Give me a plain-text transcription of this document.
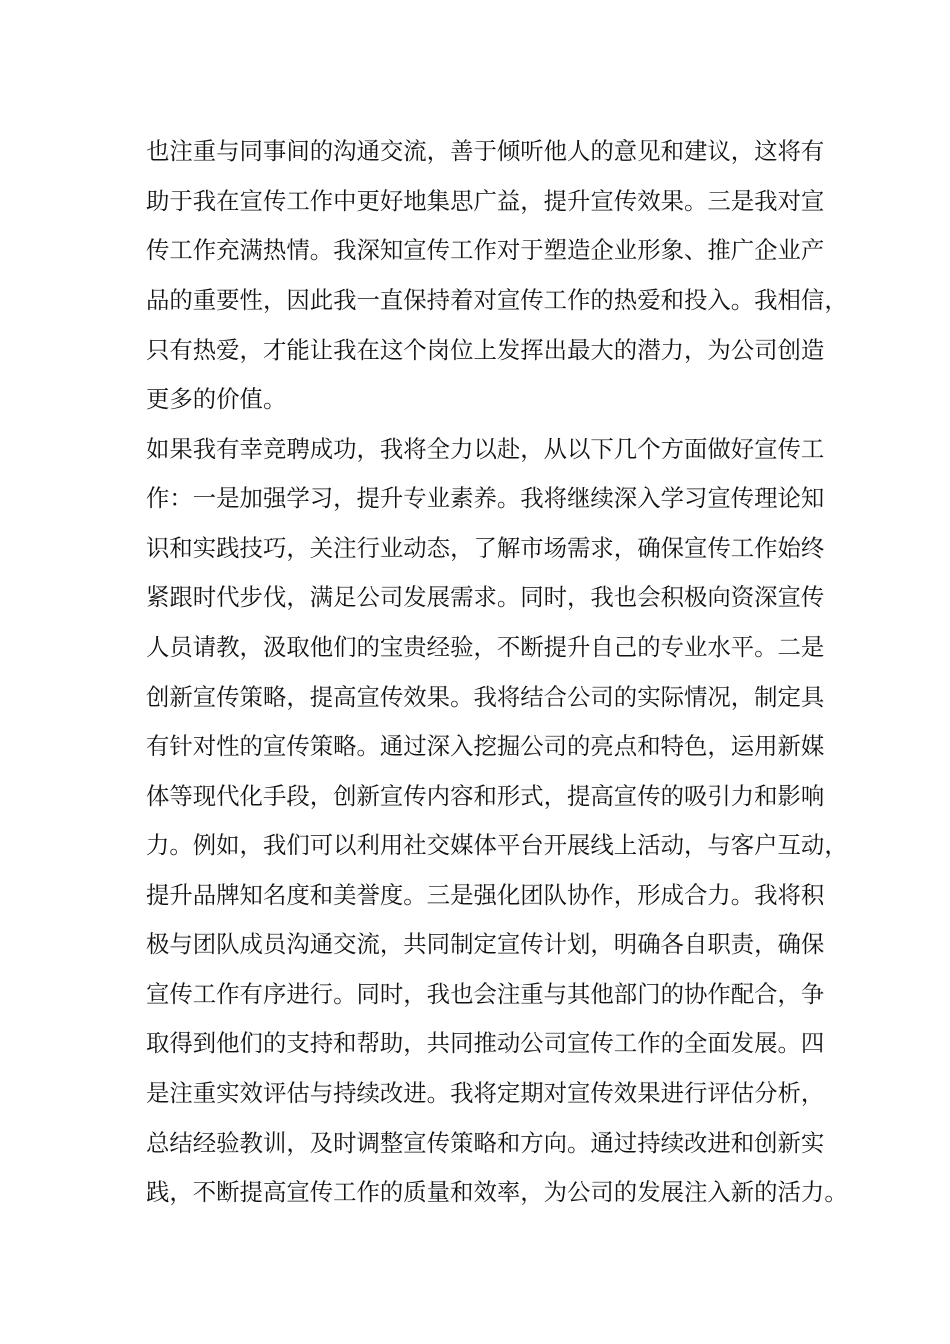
也注重与同事间的沟通交流，善于倾听他人的意见和建议，这将有
助于我在宣传工作中更好地集思广益，提升宣传效果。三是我对宣
传工作充满热情。我深知宣传工作对于塑造企业形象、推广企业产
品的重要性，因此我一直保持着对宣传工作的热爱和投入。我相信，
只有热爱，才能让我在这个岗位上发挥出最大的潜力，为公司创造
更多的价值。
如果我有幸竞聘成功，我将全力以赴，从以下几个方面做好宣传工
作：一是加强学习，提升专业素养。我将继续深入学习宣传理论知
识和实践技巧，关注行业动态，了解市场需求，确保宣传工作始终
紧跟时代步伐，满足公司发展需求。同时，我也会积极向资深宣传
人员请教，汲取他们的宝贵经验，不断提升自己的专业水平。二是
创新宣传策略，提高宣传效果。我将结合公司的实际情况，制定具
有针对性的宣传策略。通过深入挖掘公司的亮点和特色，运用新媒
体等现代化手段，创新宣传内容和形式，提高宣传的吸引力和影响
力。例如，我们可以利用社交媒体平台开展线上活动，与客户互动，
提升品牌知名度和美誉度。三是强化团队协作，形成合力。我将积
极与团队成员沟通交流，共同制定宣传计划，明确各自职责，确保
宣传工作有序进行。同时，我也会注重与其他部门的协作配合，争
取得到他们的支持和帮助，共同推动公司宣传工作的全面发展。四
是注重实效评估与持续改进。我将定期对宣传效果进行评估分析，
总结经验教训，及时调整宣传策略和方向。通过持续改进和创新实
践，不断提高宣传工作的质量和效率，为公司的发展注入新的活力。
